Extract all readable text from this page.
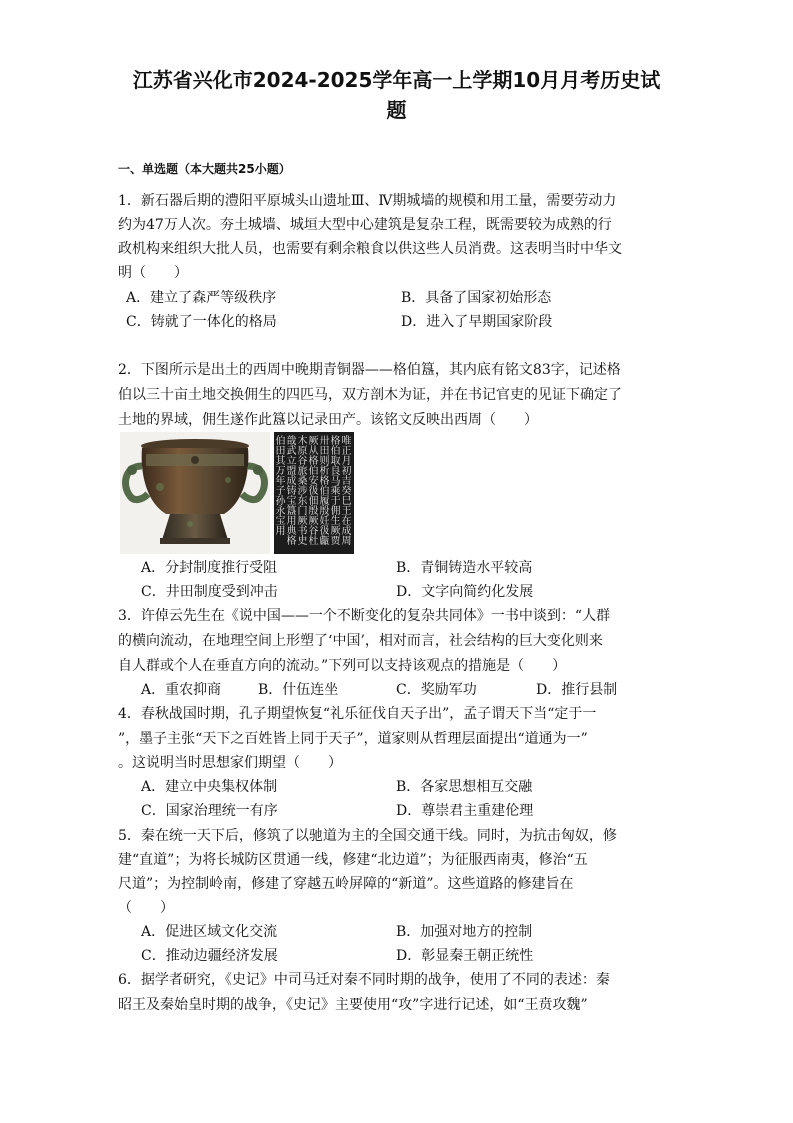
江苏省兴化市2024-2025学年高一上学期10月月考历史试
题
一、单选题（本大题共25小题）
1．新石器后期的澧阳平原城头山遗址Ⅲ、Ⅳ期城墙的规模和用工量，需要劳动力
约为47万人次。夯土城墙、城垣大型中心建筑是复杂工程，既需要较为成熟的行
政机构来组织大批人员，也需要有剩余粮食以供这些人员消费。这表明当时中华文
明（　　）
A．建立了森严等级秩序	B．具备了国家初始形态
C．铸就了一体化的格局	D．进入了早期国家阶段
2．下图所示是出土的西周中晚期青铜器——格伯簋，其内底有铭文83字，记述格
伯以三十亩土地交换佣生的四匹马，双方剖木为证，并在书记官吏的见证下确定了
土地的界域，佣生遂作此簋以记录田产。该铭文反映出西周（　　）
唯正月初吉癸巳王在成周格伯取良马乘于佣生厥贾卅田则析格伯履殷妊彶甗厥从格伯安彶佃殷厥谷杜木原谷旅桑涉东门厥书史戠武立盟成铸宝簋用典格伯田其万年子孙永宝用
A．分封制度推行受阻	B．青铜铸造水平较高
C．井田制度受到冲击	D．文字向简约化发展
3．许倬云先生在《说中国——一个不断变化的复杂共同体》一书中谈到：“人群
的横向流动，在地理空间上形塑了‘中国’，相对而言，社会结构的巨大变化则来
自人群或个人在垂直方向的流动。”下列可以支持该观点的措施是（　　）
A．重农抑商	B．什伍连坐	C．奖励军功	D．推行县制
4．春秋战国时期，孔子期望恢复“礼乐征伐自天子出”，孟子谓天下当“定于一
”，墨子主张“天下之百姓皆上同于天子”，道家则从哲理层面提出“道通为一”
。这说明当时思想家们期望（　　）
A．建立中央集权体制	B．各家思想相互交融
C．国家治理统一有序	D．尊崇君主重建伦理
5．秦在统一天下后，修筑了以驰道为主的全国交通干线。同时，为抗击匈奴，修
建“直道”；为将长城防区贯通一线，修建“北边道”；为征服西南夷，修治“五
尺道”；为控制岭南，修建了穿越五岭屏障的“新道”。这些道路的修建旨在
（　　）
A．促进区域文化交流	B．加强对地方的控制
C．推动边疆经济发展	D．彰显秦王朝正统性
6．据学者研究，《史记》中司马迁对秦不同时期的战争，使用了不同的表述：秦
昭王及秦始皇时期的战争，《史记》主要使用“攻”字进行记述，如“王贲攻魏”
